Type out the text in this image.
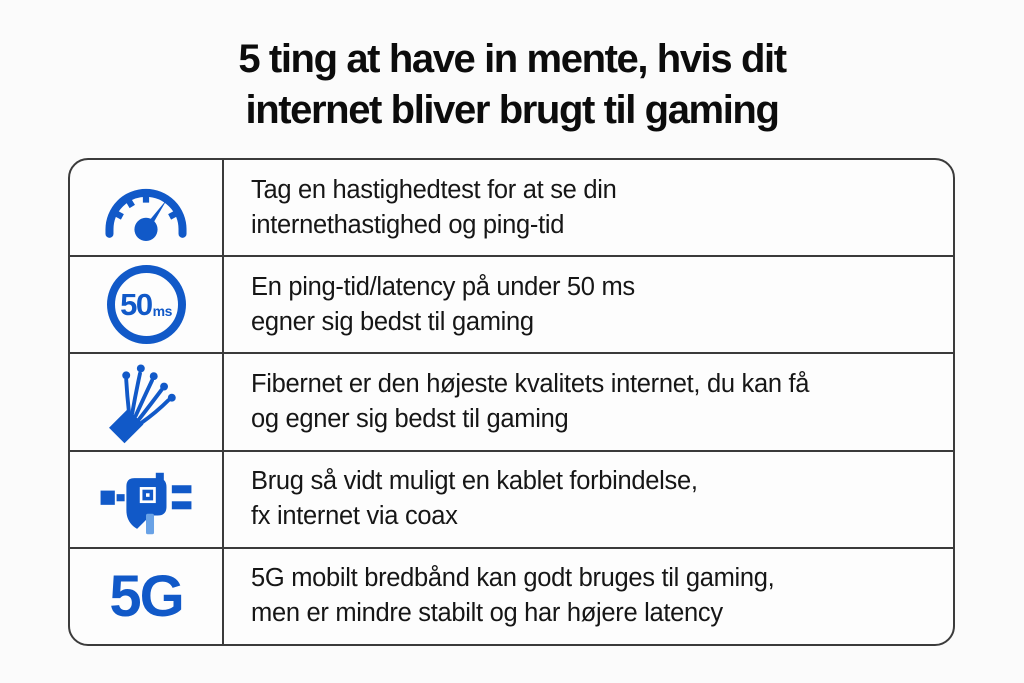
5 ting at have in mente, hvis dit
internet bliver brugt til gaming
Tag en hastighedtest for at se din
internethastighed og ping-tid
50 ms
En ping-tid/latency på under 50 ms
egner sig bedst til gaming
Fibernet er den højeste kvalitets internet, du kan få
og egner sig bedst til gaming
Brug så vidt muligt en kablet forbindelse,
fx internet via coax
5G	5G mobilt bredbånd kan godt bruges til gaming,
men er mindre stabilt og har højere latency
